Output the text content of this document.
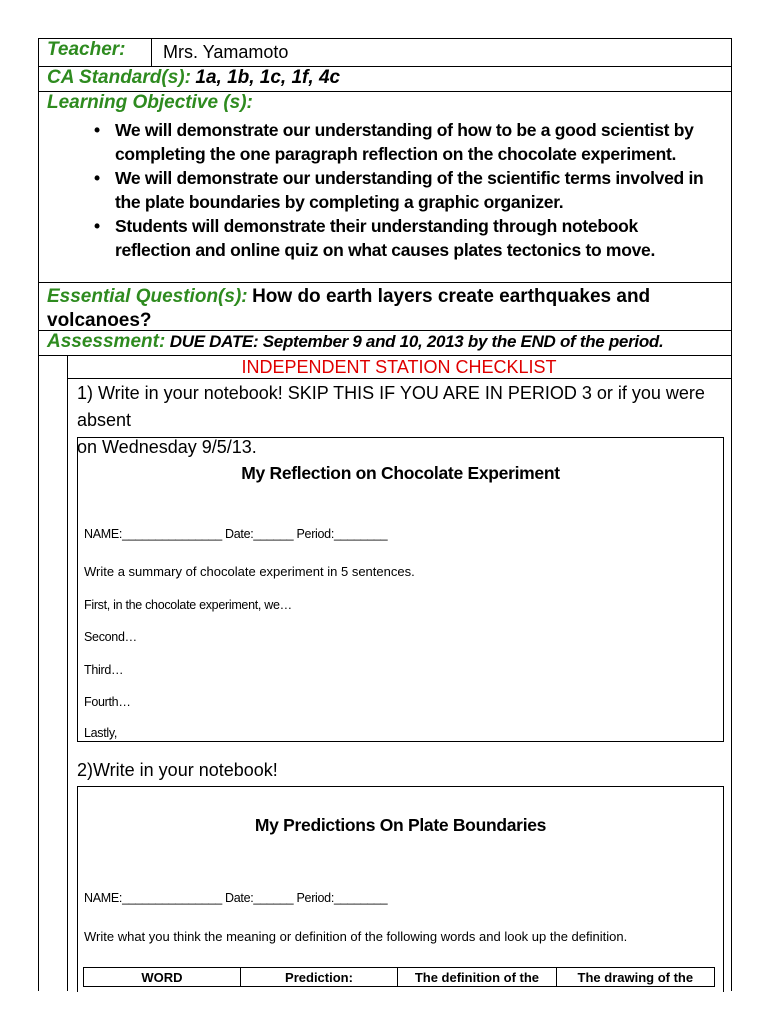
Teacher:	Mrs. Yamamoto
CA Standard(s): 1a, 1b, 1c, 1f, 4c
Learning Objective (s):
• We will demonstrate our understanding of how to be a good scientist by
completing the one paragraph reflection on the chocolate experiment.
• We will demonstrate our understanding of the scientific terms involved in
the plate boundaries by completing a graphic organizer.
• Students will demonstrate their understanding through notebook
reflection and online quiz on what causes plates tectonics to move.
Essential Question(s): How do earth layers create earthquakes and
volcanoes?
Assessment: DUE DATE: September 9 and 10, 2013 by the END of the period.
INDEPENDENT STATION CHECKLIST
1) Write in your notebook! SKIP THIS IF YOU ARE IN PERIOD 3 or if you were absent
on Wednesday 9/5/13.
My Reflection on Chocolate Experiment
NAME:_______________ Date:______ Period:________
Write a summary of chocolate experiment in 5 sentences.
First, in the chocolate experiment, we…
Second…
Third…
Fourth…
Lastly,
2)Write in your notebook!
My Predictions On Plate Boundaries
NAME:_______________ Date:______ Period:________
Write what you think the meaning or definition of the following words and look up the definition.
WORD	Prediction:	The definition of the	The drawing of the
